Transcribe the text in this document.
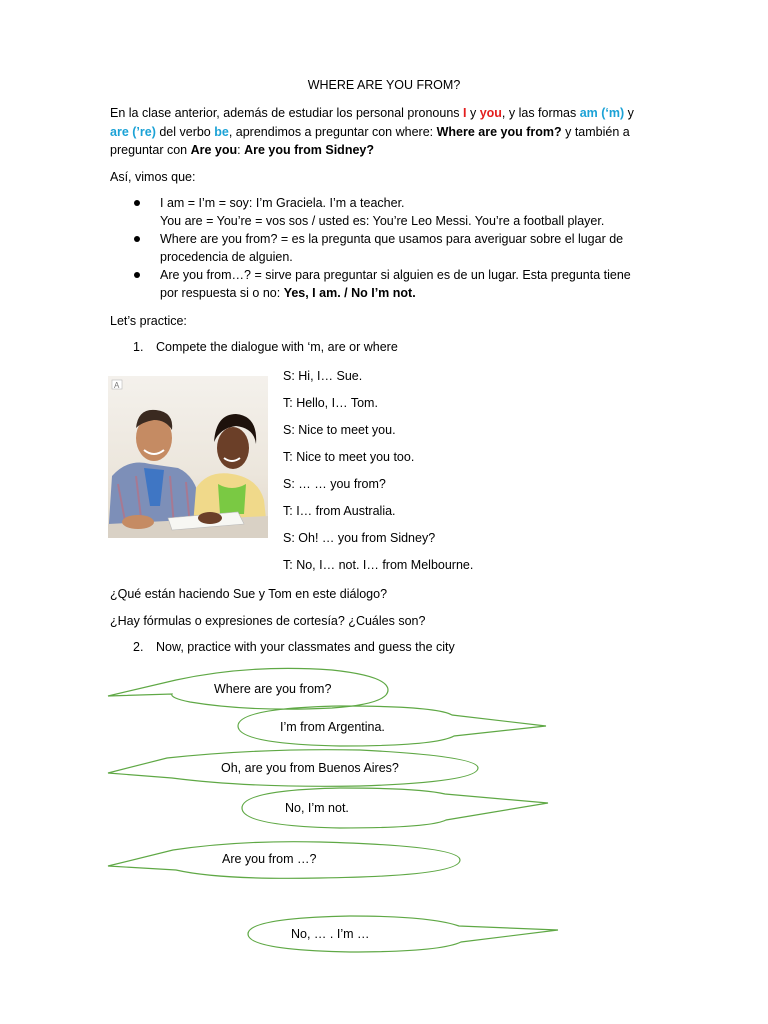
WHERE ARE YOU FROM?
En la clase anterior, además de estudiar los personal pronouns I y you, y las formas am (‘m) y
are (’re) del verbo be, aprendimos a preguntar con where: Where are you from? y también a preguntar con Are you: Are you from Sidney?
Así, vimos que:
I am = I’m = soy: I’m Graciela. I’m a teacher.
You are = You’re = vos sos / usted es: You’re Leo Messi. You’re a football player.
Where are you from? = es la pregunta que usamos para averiguar sobre el lugar de
procedencia de alguien.
Are you from…? = sirve para preguntar si alguien es de un lugar. Esta pregunta tiene
por respuesta si o no: Yes, I am. / No I’m not.
Let’s practice:
1. Compete the dialogue with ‘m, are or where
A
S: Hi, I… Sue.
T: Hello, I… Tom.
S: Nice to meet you.
T: Nice to meet you too.
S: … … you from?
T: I… from Australia.
S: Oh! … you from Sidney?
T: No, I… not. I… from Melbourne.
¿Qué están haciendo Sue y Tom en este diálogo?
¿Hay fórmulas o expresiones de cortesía? ¿Cuáles son?
2. Now, practice with your classmates and guess the city
Where are you from?
I’m from Argentina.
Oh, are you from Buenos Aires?
No, I’m not.
Are you from …?
No, … . I’m …
